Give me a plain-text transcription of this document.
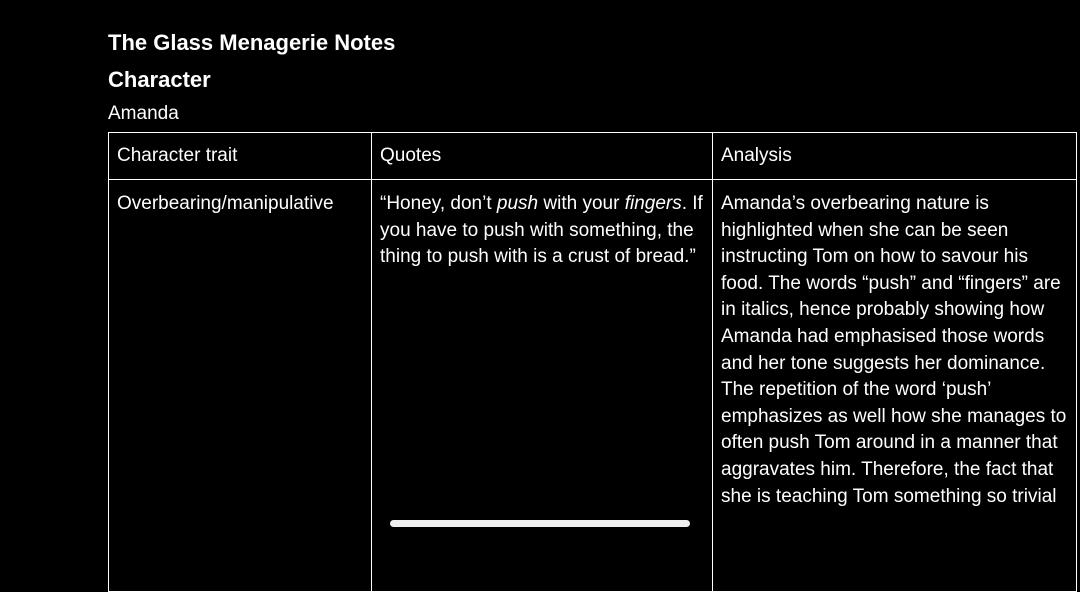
The Glass Menagerie Notes
Character
Amanda
Character trait	Quotes	Analysis
Overbearing/manipulative	“Honey, don’t push with your fingers. If you have to push with something, the thing to push with is a crust of bread.”	Amanda’s overbearing nature is highlighted when she can be seen instructing Tom on how to savour his food. The words “push” and “fingers” are in italics, hence probably showing how Amanda had emphasised those words and her tone suggests her dominance. The repetition of the word ‘push’ emphasizes as well how she manages to often push Tom around in a manner that aggravates him. Therefore, the fact that she is teaching Tom something so trivial
